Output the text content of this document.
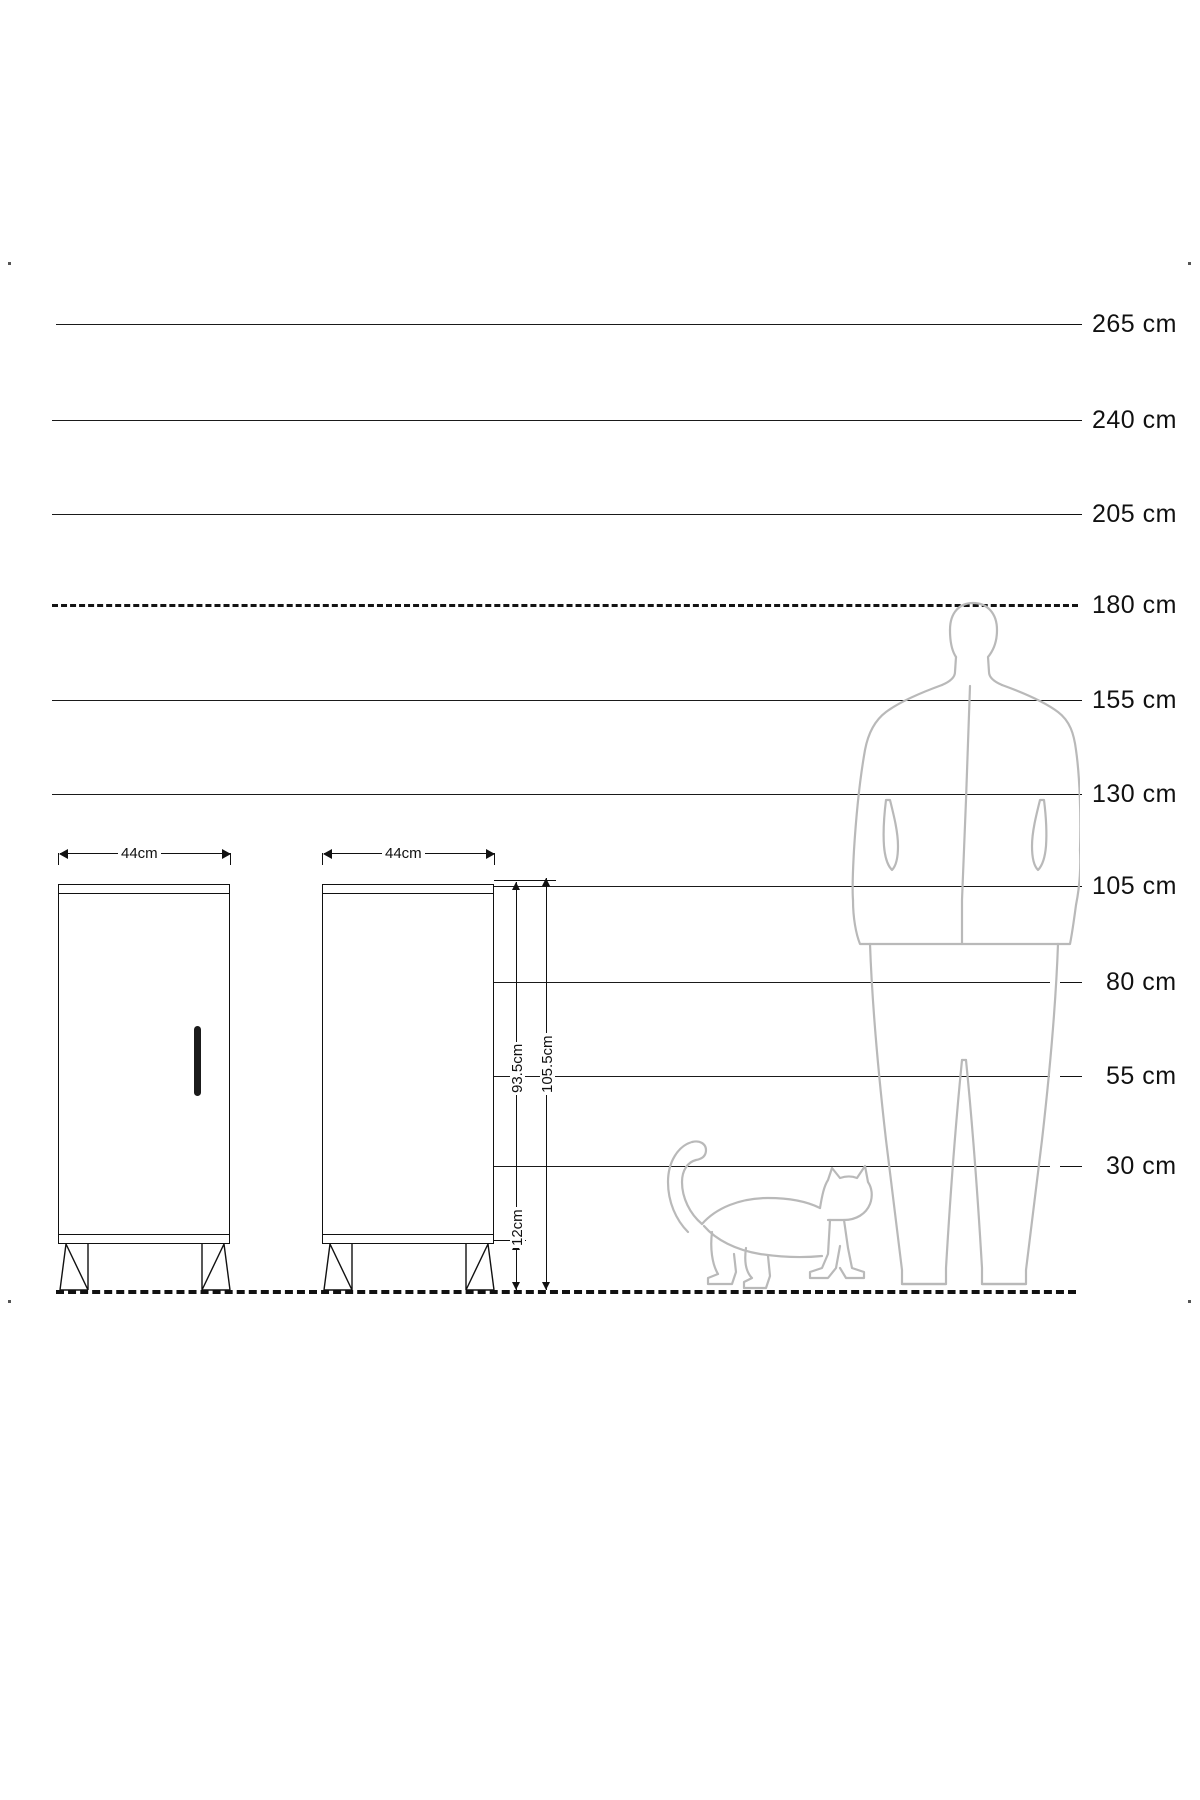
265 cm
240 cm
205 cm
180 cm
155 cm
130 cm
105 cm
80 cm
55 cm
30 cm
44cm	44cm
93.5cm 105.5cm
12cm
